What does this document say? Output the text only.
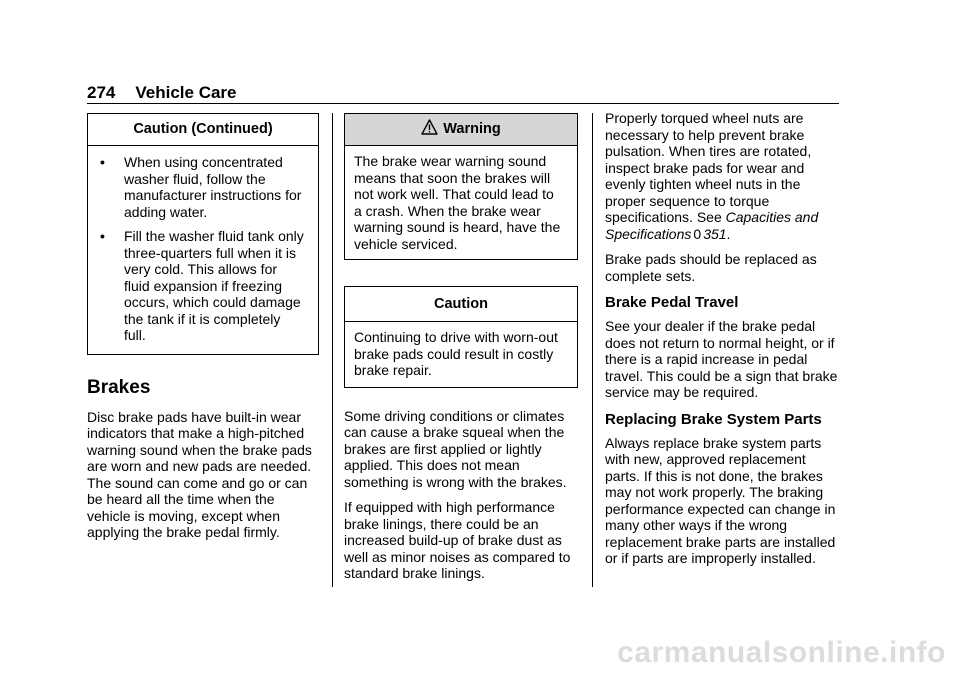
274 Vehicle Care
Caution (Continued)
•	When using concentrated washer fluid, follow the manufacturer instructions for adding water.
•	Fill the washer fluid tank only three-quarters full when it is very cold. This allows for fluid expansion if freezing occurs, which could damage the tank if it is completely full.
Brakes

Disc brake pads have built-in wear indicators that make a high-pitched warning sound when the brake pads are worn and new pads are needed. The sound can come and go or can be heard all the time when the vehicle is moving, except when applying the brake pedal firmly.

Warning

The brake wear warning sound means that soon the brakes will not work well. That could lead to a crash. When the brake wear warning sound is heard, have the vehicle serviced.

Caution

Continuing to drive with worn-out brake pads could result in costly brake repair.

Some driving conditions or climates can cause a brake squeal when the brakes are first applied or lightly applied. This does not mean something is wrong with the brakes.

If equipped with high performance brake linings, there could be an increased build-up of brake dust as well as minor noises as compared to standard brake linings.

Properly torqued wheel nuts are necessary to help prevent brake pulsation. When tires are rotated, inspect brake pads for wear and evenly tighten wheel nuts in the proper sequence to torque specifications. See Capacities and Specifications 0 351.

Brake pads should be replaced as complete sets.

Brake Pedal Travel

See your dealer if the brake pedal does not return to normal height, or if there is a rapid increase in pedal travel. This could be a sign that brake service may be required.

Replacing Brake System Parts

Always replace brake system parts with new, approved replacement parts. If this is not done, the brakes may not work properly. The braking performance expected can change in many other ways if the wrong replacement brake parts are installed or if parts are improperly installed.

carmanualsonline.info
